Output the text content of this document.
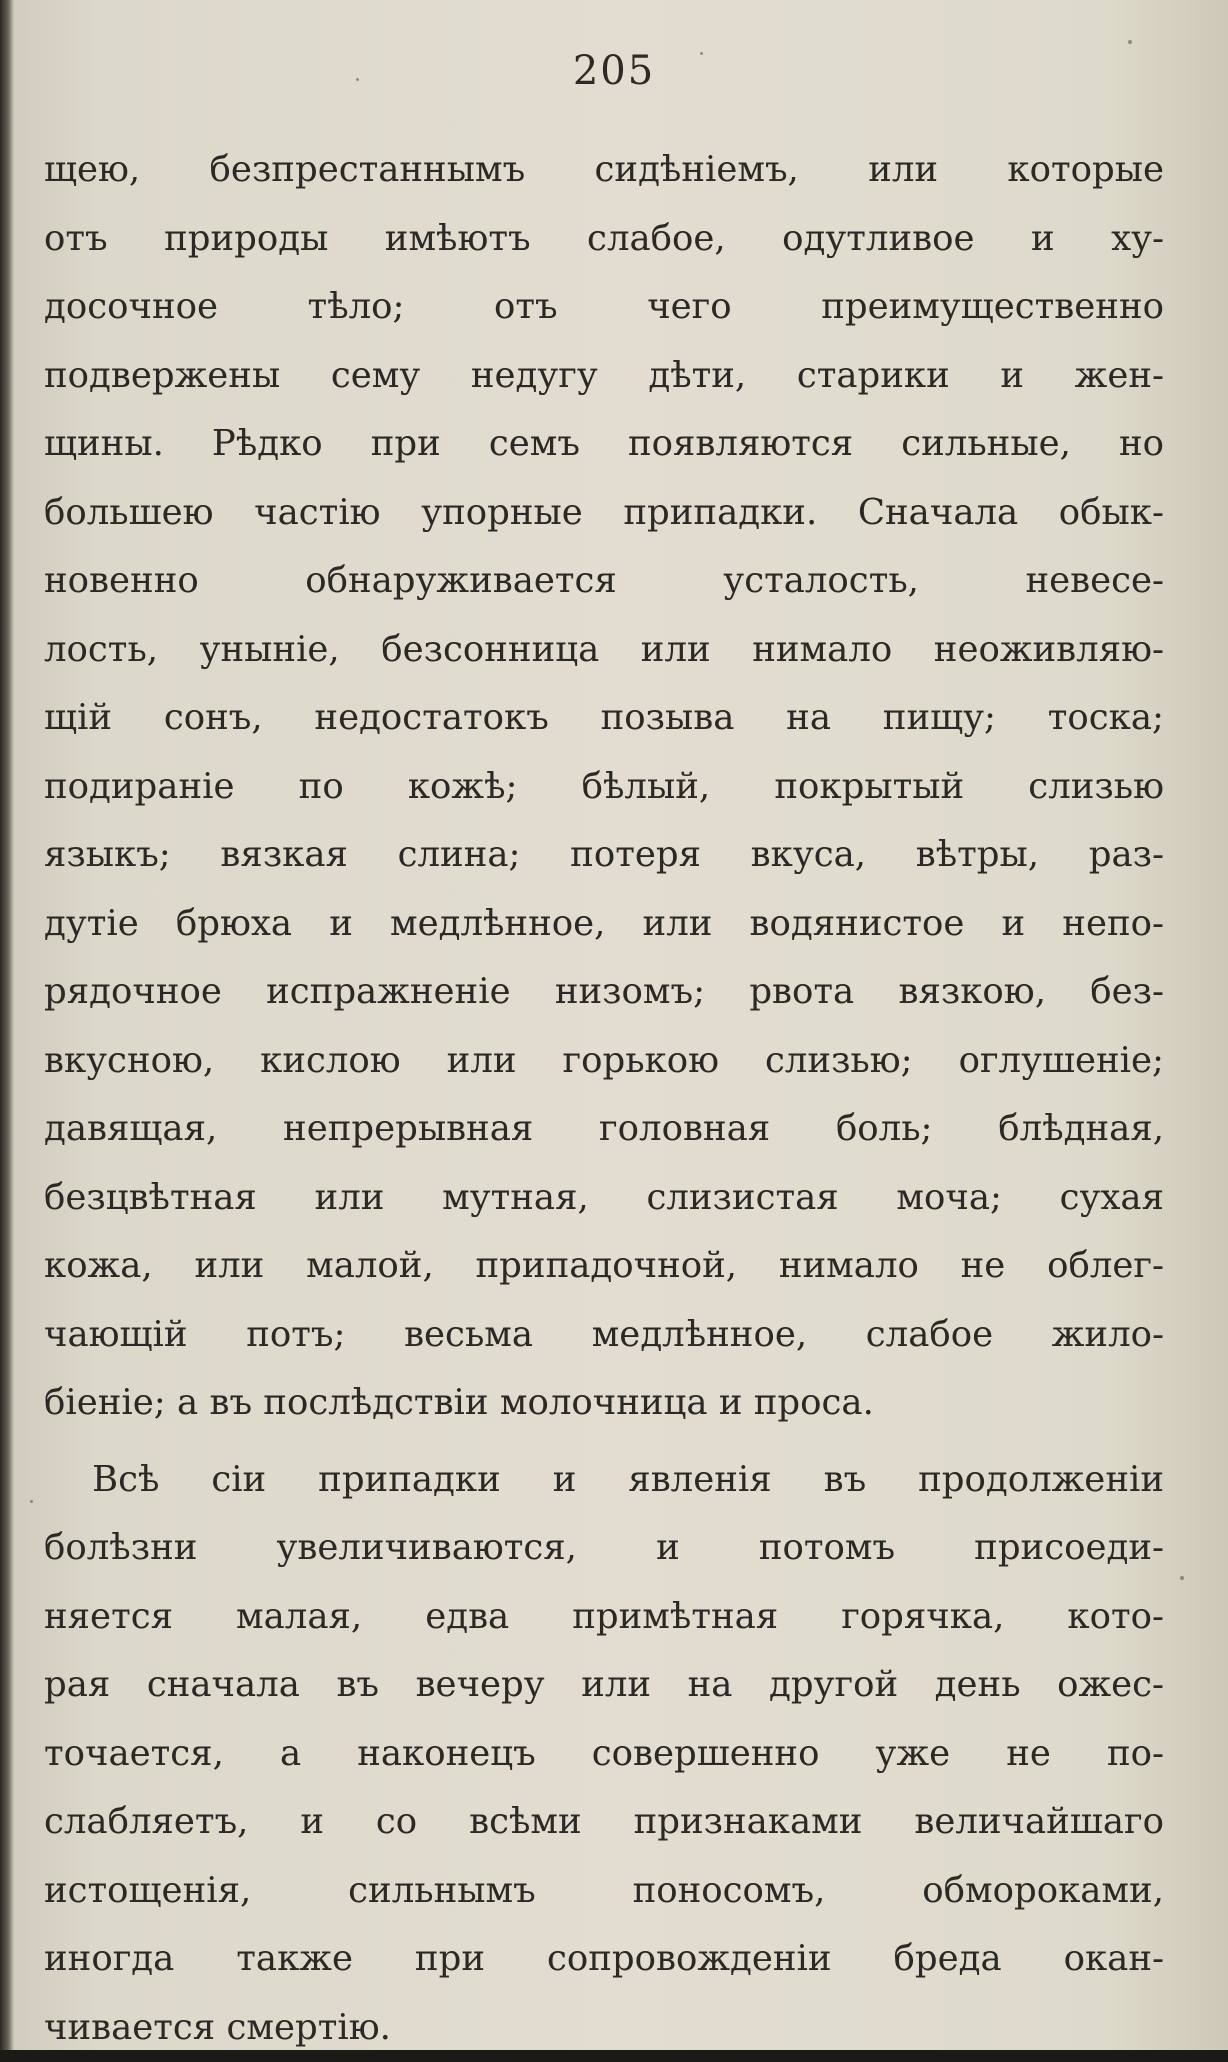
205
щею, безпрестаннымъ сидѣніемъ, или которые
отъ природы имѣютъ слабое, одутливое и ху-
досочное тѣло; отъ чего преимущественно
подвержены сему недугу дѣти, старики и жен-
щины. Рѣдко при семъ появляются сильные, но
большею частію упорные припадки. Сначала обык-
новенно обнаруживается усталость, невесе-
лость, уныніе, безсонница или нимало неоживляю-
щій сонъ, недостатокъ позыва на пищу; тоска;
подираніе по кожѣ; бѣлый, покрытый слизью
языкъ; вязкая слина; потеря вкуса, вѣтры, раз-
дутіе брюха и медлѣнное, или водянистое и непо-
рядочное испражненіе низомъ; рвота вязкою, без-
вкусною, кислою или горькою слизью; оглушеніе;
давящая, непрерывная головная боль; блѣдная,
безцвѣтная или мутная, слизистая моча; сухая
кожа, или малой, припадочной, нимало не облег-
чающій потъ; весьма медлѣнное, слабое жило-
біеніе; а въ послѣдствіи молочница и проса.
Всѣ сіи припадки и явленія въ продолженіи
болѣзни увеличиваются, и потомъ присоеди-
няется малая, едва примѣтная горячка, кото-
рая сначала въ вечеру или на другой день ожес-
точается, а наконецъ совершенно уже не по-
слабляетъ, и со всѣми признаками величайшаго
истощенія, сильнымъ поносомъ, обмороками,
иногда также при сопровожденіи бреда окан-
чивается смертію.
